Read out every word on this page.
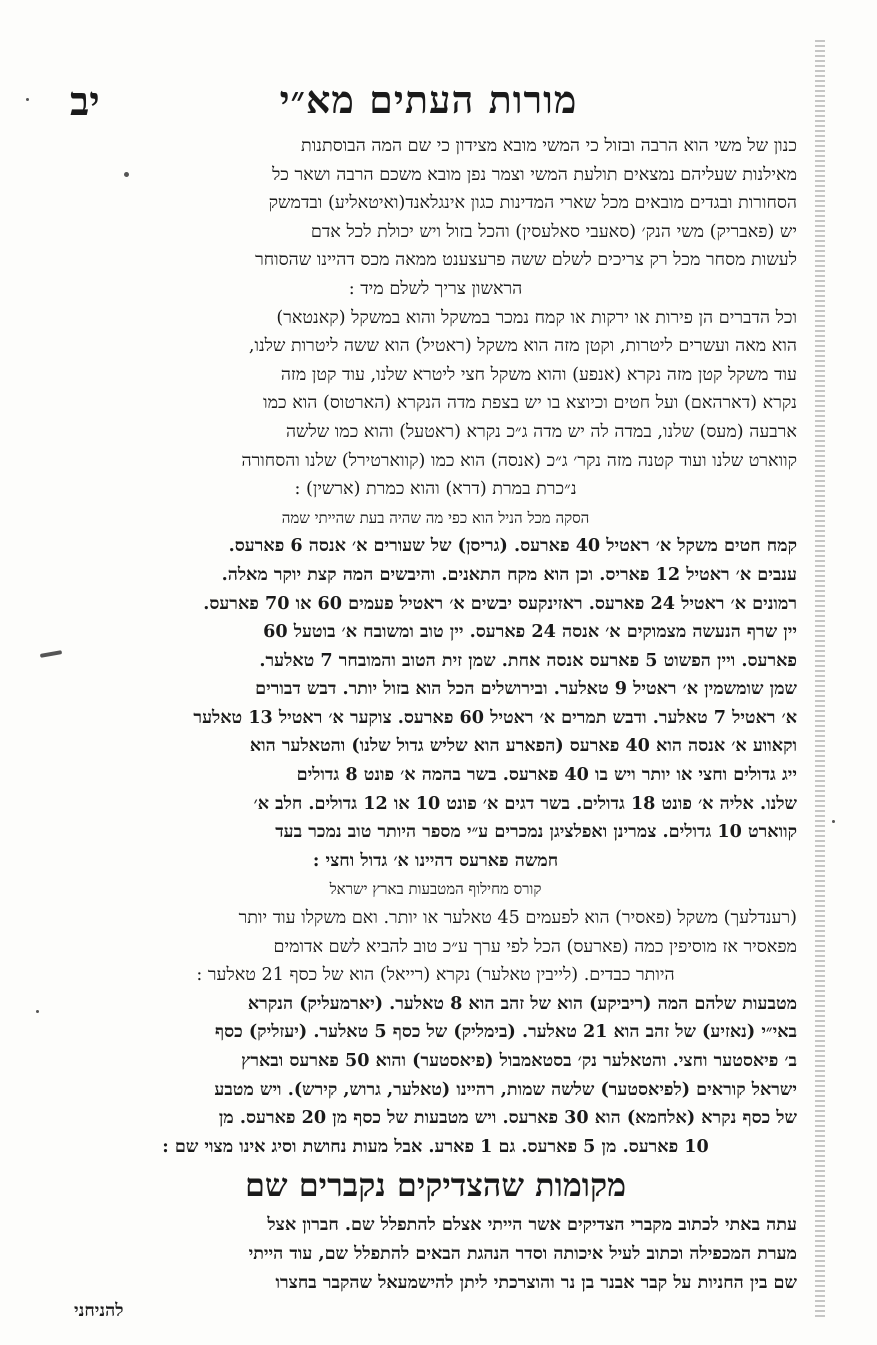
מורות העתים מא״י
יב
כנון של משי הוא הרבה ובזול כי המשי מובא מצידון כי שם המה הבוסתנות
מאילנות שעליהם נמצאים תולעת המשי וצמר נפן מובא משכם הרבה ושאר כל
הסחורות ובגדים מובאים מכל שארי המדינות כגון אינגלאנד(ואיטאליע) ובדמשק
יש (פאבריק) משי הנק׳ (סאעבי סאלעסין) והכל בזול ויש יכולת לכל אדם
לעשות מסחר מכל רק צריכים לשלם ששה פרעצענט ממאה מכס דהיינו שהסוחר
הראשון צריך לשלם מיד :
וכל הדברים הן פירות או ירקות או קמח נמכר במשקל והוא במשקל (קאנטאר)
הוא מאה ועשרים ליטרות, וקטן מזה הוא משקל (ראטיל) הוא ששה ליטרות שלנו,
עוד משקל קטן מזה נקרא (אנפע) והוא משקל חצי ליטרא שלנו, עוד קטן מזה
נקרא (דארהאם) ועל חטים וכיוצא בו יש בצפת מדה הנקרא (הארטוס) הוא כמו
ארבעה (מעס) שלנו, במדה לה יש מדה ג״כ נקרא (ראטעל) והוא כמו שלשה
קווארט שלנו ועוד קטנה מזה נקר׳ ג״כ (אנסה) הוא כמו (קווארטירל) שלנו והסחורה
נ״כרת במרת (דרא) והוא כמרת (ארשין) :
הסקה מכל הניל הוא כפי מה שהיה בעת שהייתי שמה
קמח חטים משקל א׳ ראטיל 40 פארעס. (גריסן) של שעורים א׳ אנסה 6 פארעס.
ענבים א׳ ראטיל 12 פאריס. וכן הוא מקח התאנים. והיבשים המה קצת יוקר מאלה.
רמונים א׳ ראטיל 24 פארעס. ראזינקעס יבשים א׳ ראטיל פעמים 60 או 70 פארעס.
יין שרף הנעשה מצמוקים א׳ אנסה 24 פארעס. יין טוב ומשובח א׳ בוטעל 60
פארעס. ויין הפשוט 5 פארעס אנסה אחת. שמן זית הטוב והמובחר 7 טאלער.
שמן שומשמין א׳ ראטיל 9 טאלער. ובירושלים הכל הוא בזול יותר. דבש דבורים
א׳ ראטיל 7 טאלער. ודבש תמרים א׳ ראטיל 60 פארעס. צוקער א׳ ראטיל 13 טאלער
וקאווע א׳ אנסה הוא 40 פארעס (הפארע הוא שליש גדול שלנו) והטאלער הוא
ייג גדולים וחצי או יותר ויש בו 40 פארעס. בשר בהמה א׳ פונט 8 גדולים
שלנו. אליה א׳ פונט 18 גדולים. בשר דגים א׳ פונט 10 או 12 גדולים. חלב א׳
קווארט 10 גדולים. צמרינן ואפלציגן נמכרים ע״י מספר היותר טוב נמכר בעד
חמשה פארעס דהיינו א׳ גדול וחצי :
קורס מחילוף המטבעות בארץ ישראל
(רענדלעך) משקל (פאסיר) הוא לפעמים 45 טאלער או יותר. ואם משקלו עוד יותר
מפאסיר אז מוסיפין כמה (פארעס) הכל לפי ערך ע״כ טוב להביא לשם אדומים
היותר כבדים. (לייבין טאלער) נקרא (רייאל) הוא של כסף 21 טאלער :
מטבעות שלהם המה (ריביקע) הוא של זהב הוא 8 טאלער. (יארמעליק) הנקרא
באי״י (נאזיע) של זהב הוא 21 טאלער. (בימליק) של כסף 5 טאלער. (יעזליק) כסף
ב׳ פיאסטער וחצי. והטאלער נק׳ בסטאמבול (פיאסטער) והוא 50 פארעס ובארץ
ישראל קוראים (לפיאסטער) שלשה שמות, רהיינו (טאלער, גרוש, קירש). ויש מטבע
של כסף נקרא (אלחמא) הוא 30 פארעס. ויש מטבעות של כסף מן 20 פארעס. מן
10 פארעס. מן 5 פארעס. גם 1 פארע. אבל מעות נחושת וסיג אינו מצוי שם :
מקומות שהצדיקים נקברים שם
עתה באתי לכתוב מקברי הצדיקים אשר הייתי אצלם להתפלל שם. חברון אצל
מערת המכפילה וכתוב לעיל איכותה וסדר הנהגת הבאים להתפלל שם, עוד הייתי
שם בין החניות על קבר אבנר בן נר והוצרכתי ליתן להישמעאל שהקבר בחצרו
להניחני
